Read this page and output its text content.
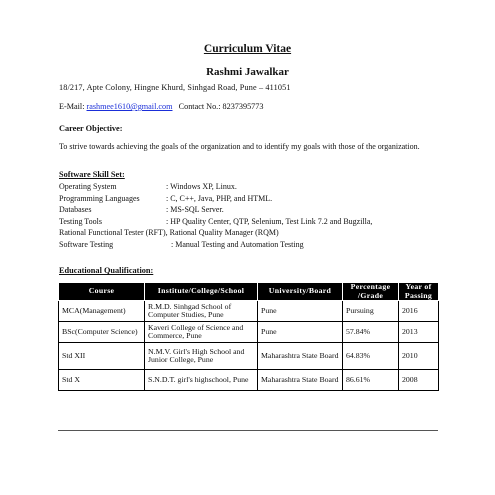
Curriculum Vitae
Rashmi Jawalkar
18/217, Apte Colony, Hingne Khurd, Sinhgad Road, Pune – 411051
E-Mail: rashmee1610@gmail.com Contact No.: 8237395773
Career Objective:
To strive towards achieving the goals of the organization and to identify my goals with those of the organization.
Software Skill Set:
Operating System	: Windows XP, Linux.
Programming Languages	: C, C++, Java, PHP, and HTML.
Databases	: MS-SQL Server.
Testing Tools	: HP Quality Center, QTP, Selenium, Test Link 7.2 and Bugzilla,
Rational Functional Tester (RFT), Rational Quality Manager (RQM)
Software Testing	: Manual Testing and Automation Testing
Educational Qualification:
Course	Institute/College/School	University/Board	Percentage /Grade	Year of Passing
MCA(Management)	R.M.D. Sinhgad School of Computer Studies, Pune	Pune	Pursuing	2016
BSc(Computer Science)	Kaveri College of Science and Commerce, Pune	Pune	57.84%	2013
Std XII	N.M.V. Girl's High School and Junior College, Pune	Maharashtra State Board	64.83%	2010
Std X	S.N.D.T. girl's highschool, Pune	Maharashtra State Board	86.61%	2008
